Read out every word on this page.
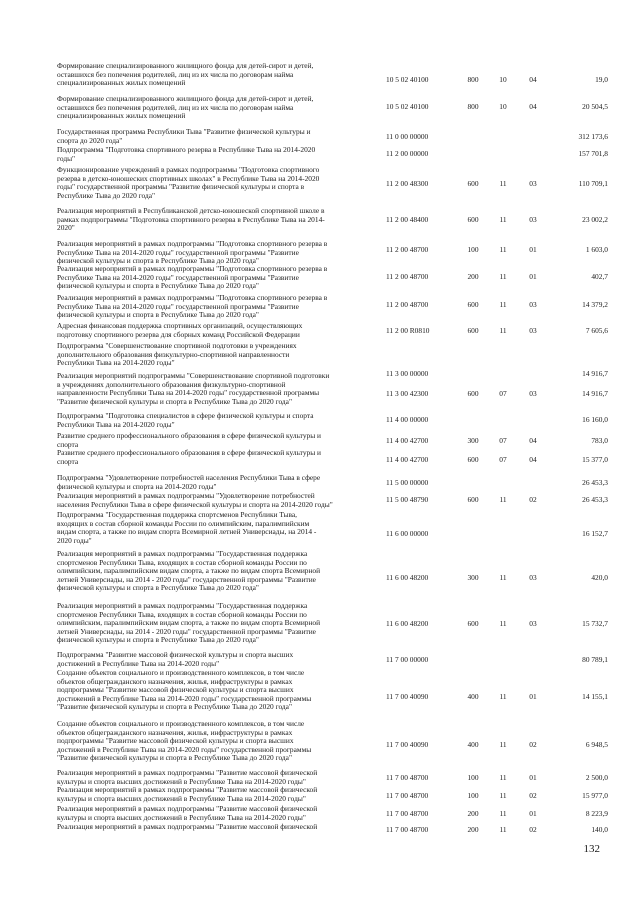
Формирование специализированного жилищного фонда для детей-сирот и детей,
оставшихся без попечения родителей, лиц из их числа по договорам найма
специализированных жилых помещений	10 5 02 40100	800	10	04	19,0
Формирование специализированного жилищного фонда для детей-сирот и детей,
оставшихся без попечения родителей, лиц из их числа по договорам найма
специализированных жилых помещений
10 5 02 40100	800	10	04	20 504,5
Государственная программа Республики Тыва "Развитие физической культуры и
спорта до 2020 года"	11 0 00 00000	312 173,6
Подпрограмма "Подготовка спортивного резерва в Республике Тыва на 2014-2020
годы"
11 2 00 00000	157 701,8
Функционирование учреждений в рамках подпрограммы "Подготовка спортивного
резерва в детско-юношеских спортивных школах" в Республике Тыва на 2014-2020
годы" государственной программы "Развитие физической культуры и спорта в
Республике Тыва до 2020 года"
11 2 00 48300	600	11	03	110 709,1
Реализация мероприятий в Республиканской детско-юношеской спортивной школе в
рамках подпрограммы "Подготовка спортивного резерва в Республике Тыва на 2014-
2020"
11 2 00 48400	600	11	03	23 002,2
Реализация мероприятий в рамках подпрограммы "Подготовка спортивного резерва в
Республике Тыва на 2014-2020 годы" государственной программы "Развитие
физической культуры и спорта в Республике Тыва до 2020 года"
11 2 00 48700	100	11	01	1 603,0
Реализация мероприятий в рамках подпрограммы "Подготовка спортивного резерва в
Республике Тыва на 2014-2020 годы" государственной программы "Развитие
физической культуры и спорта в Республике Тыва до 2020 года"
11 2 00 48700	200	11	01	402,7
Реализация мероприятий в рамках подпрограммы "Подготовка спортивного резерва в
Республике Тыва на 2014-2020 годы" государственной программы "Развитие
физической культуры и спорта в Республике Тыва до 2020 года"
11 2 00 48700	600	11	03	14 379,2
Адресная финансовая поддержка спортивных организаций, осуществляющих
подготовку спортивного резерва для сборных команд Российской Федерации	11 2 00 R0810	600	11	03	7 605,6
Подпрограмма "Совершенствование спортивной подготовки в учреждениях
дополнительного образования физкультурно-спортивной направленности
Республики Тыва на 2014-2020 годы"
11 3 00 00000	14 916,7
Реализация мероприятий подпрограммы "Совершенствование спортивной подготовки
в учреждениях дополнительного образования физкультурно-спортивной
направленности Республики Тыва на 2014-2020 годы" государственной программы
"Развитие физической культуры и спорта в Республике Тыва до 2020 года"
11 3 00 42300	600	07	03	14 916,7
Подпрограмма "Подготовка специалистов в сфере физической культуры и спорта
Республики Тыва на 2014-2020 годы"
11 4 00 00000	16 160,0
Развитие среднего профессионального образования в сфере физической культуры и
спорта	11 4 00 42700	300	07	04	783,0
Развитие среднего профессионального образования в сфере физической культуры и
спорта	11 4 00 42700	600	07	04	15 377,0
Подпрограмма "Удовлетворение потребностей населения Республики Тыва в сфере
физической культуры и спорта на 2014-2020 годы"	11 5 00 00000	26 453,3
Реализация мероприятий в рамках подпрограммы "Удовлетворение потребностей
населения Республики Тыва в сфере физической культуры и спорта на 2014-2020 годы"
11 5 00 48790	600	11	02	26 453,3
Подпрограмма "Государственная поддержка спортсменов Республики Тыва,
входящих в состав сборной команды России по олимпийским, паралимпийским
видам спорта, а также по видам спорта Всемирной летней Универсиады, на 2014 -
2020 годы"
11 6 00 00000	16 152,7
Реализация мероприятий в рамках подпрограммы "Государственная поддержка
спортсменов Республики Тыва, входящих в состав сборной команды России по
олимпийским, паралимпийским видам спорта, а также по видам спорта Всемирной
летней Универсиады, на 2014 - 2020 годы" государственной программы "Развитие
физической культуры и спорта в Республике Тыва до 2020 года"
11 6 00 48200	300	11	03	420,0
Реализация мероприятий в рамках подпрограммы "Государственная поддержка
спортсменов Республики Тыва, входящих в состав сборной команды России по
олимпийским, паралимпийским видам спорта, а также по видам спорта Всемирной
летней Универсиады, на 2014 - 2020 годы" государственной программы "Развитие
физической культуры и спорта в Республике Тыва до 2020 года"
11 6 00 48200	600	11	03	15 732,7
Подпрограмма "Развитие массовой физической культуры и спорта высших
достижений в Республике Тыва на 2014-2020 годы"	11 7 00 00000	80 789,1
Создание объектов социального и производственного комплексов, в том числе
объектов общегражданского назначения, жилья, инфраструктуры в рамках
подпрограммы "Развитие массовой физической культуры и спорта высших
достижений в Республике Тыва на 2014-2020 годы" государственной программы
"Развитие физической культуры и спорта в Республике Тыва до 2020 года"
11 7 00 40090	400	11	01	14 155,1
Создание объектов социального и производственного комплексов, в том числе
объектов общегражданского назначения, жилья, инфраструктуры в рамках
подпрограммы "Развитие массовой физической культуры и спорта высших
достижений в Республике Тыва на 2014-2020 годы" государственной программы
"Развитие физической культуры и спорта в Республике Тыва до 2020 года"
11 7 00 40090	400	11	02	6 948,5
Реализация мероприятий в рамках подпрограммы "Развитие массовой физической
культуры и спорта высших достижений в Республике Тыва на 2014-2020 годы"	11 7 00 48700	100	11	01	2 500,0
Реализация мероприятий в рамках подпрограммы "Развитие массовой физической
культуры и спорта высших достижений в Республике Тыва на 2014-2020 годы"	11 7 00 48700	100	11	02	15 977,0
Реализация мероприятий в рамках подпрограммы "Развитие массовой физической
культуры и спорта высших достижений в Республике Тыва на 2014-2020 годы"	11 7 00 48700	200	11	01	8 223,9
Реализация мероприятий в рамках подпрограммы "Развитие массовой физической	11 7 00 48700	200	11	02	140,0
132
